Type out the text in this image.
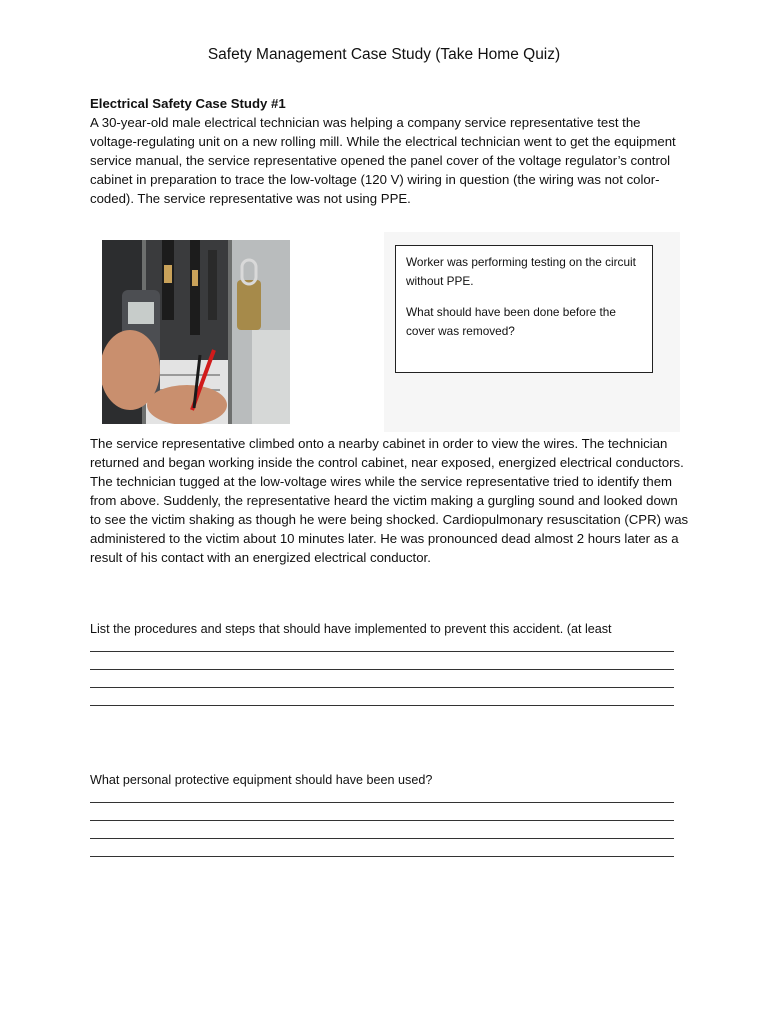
Safety Management Case Study (Take Home Quiz)
Electrical Safety Case Study #1
A 30-year-old male electrical technician was helping a company service representative test the voltage-regulating unit on a new rolling mill. While the electrical technician went to get the equipment service manual, the service representative opened the panel cover of the voltage regulator’s control cabinet in preparation to trace the low-voltage (120 V) wiring in question (the wiring was not color-coded). The service representative was not using PPE.

Worker was performing testing on the circuit without PPE.

What should have been done before the cover was removed?

The service representative climbed onto a nearby cabinet in order to view the wires. The technician returned and began working inside the control cabinet, near exposed, energized electrical conductors. The technician tugged at the low-voltage wires while the service representative tried to identify them from above. Suddenly, the representative heard the victim making a gurgling sound and looked down to see the victim shaking as though he were being shocked. Cardiopulmonary resuscitation (CPR) was administered to the victim about 10 minutes later. He was pronounced dead almost 2 hours later as a result of his contact with an energized electrical conductor.
List the procedures and steps that should have implemented to prevent this accident. (at least
What personal protective equipment should have been used?
